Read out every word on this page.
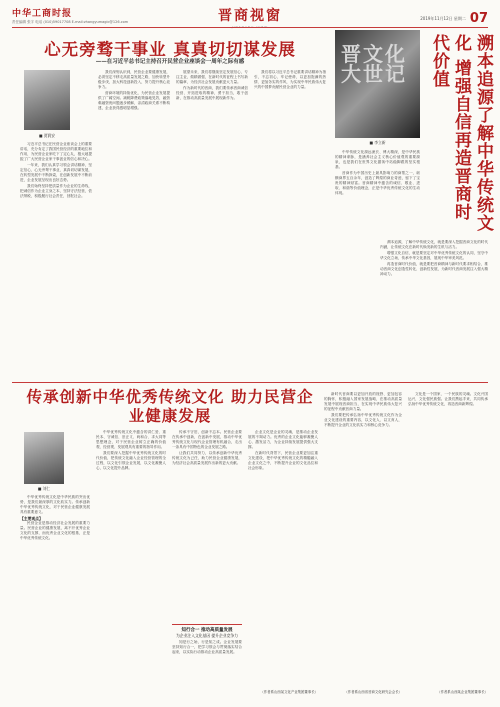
中华工商时报
责任编辑 张宇 电话 (010)59017708 E-mail:zhangyumagic@126.com	晋商视窗	2019年11月12日 星期二 07
心无旁骛干事业 真真切切谋发展
——在习近平总书记主持召开民营企业座谈会一周年之际有感
■ 贾润安

习近平总书记在民营企业座谈会上的重要讲话，充分肯定了我国民营经济的重要地位和作用，为民营企业家吃下了定心丸，极大地提振了广大民营企业家干事创业的信心和决心。

一年来，我们认真学习领会讲话精神，坚定信心，心无旁骛干事业，真真切切谋发展，在转型发展中不断探索，在创新发展中不断前进，企业发展呈现出良好态势。

我们始终坚持把质量作为企业的生命线，把诚信作为企业立身之本，坚持守法经营，依法纳税，积极履行社会责任，回报社会。

我们深刻认识到，民营企业要健康发展，必须坚定不移走高质量发展之路，加快转型升级步伐，加大科技创新投入，努力提升核心竞争力。

营商环境的持续优化，为民营企业发展提供了广阔空间。减税降费政策落地见效，融资难融资贵问题逐步缓解，亲清政商关系不断构建，企业获得感明显增强。

展望未来，我们将继续坚定发展信心，专注主业，做精做强，在新时代的征程上书写新的篇章，为经济社会发展贡献更大力量。

作为新时代的晋商，我们要传承晋商诚信经营、开拓进取的精神，勇于担当，敢于创新，在推动高质量发展中展现新作为。

我们将以习近平总书记重要讲话精神为指引，不忘初心、牢记使命，以更加饱满的热情、更加务实的作风，为实现中华民族伟大复兴的中国梦贡献民营企业的力量。

晋文化 大世记
■ 李立新	溯本追源了解中华传统文化 增强自信再造晋商时代价值

中华传统文化源远流长、博大精深，是中华民族的精神命脉，是涵养社会主义核心价值观的重要源泉，也是我们在世界文化激荡中站稳脚跟的坚实根基。

晋商作为中国历史上最具影响力的商帮之一，纵横商界五百余年，创造了辉煌的商业奇迹，留下了宝贵的精神财富。晋商精神中蕴含的诚信、敬业、进取、和谐等价值理念，正是中华优秀传统文化的生动体现。

溯本追源，了解中华传统文化，就是要深入挖掘晋商文化的时代内涵，让传统文化在新时代焕发新的生机与活力。

增强文化自信，就是要坚定对中华优秀传统文化的认同，坚守中华文化立场，传承中华文化基因，展现中华审美风范。

再造晋商时代价值，就是要把晋商精神与新时代要求相结合，推动晋商文化创造性转化、创新性发展，为新时代晋商发展注入强大精神动力。

传承创新中华优秀传统文化 助力民营企业健康发展
■ 刘仁

中华优秀传统文化是中华民族的突出优势，是我们最深厚的文化软实力。传承创新中华优秀传统文化，对于民营企业健康发展具有重要意义。

【主要观点】

民营企业是推动经济社会发展的重要力量。民营企业的健康发展，离不开优秀企业文化的支撑，而优秀企业文化的根基，正是中华优秀传统文化。

中华优秀传统文化中蕴含的讲仁爱、重民本、守诚信、崇正义、尚和合、求大同等思想理念，对于民营企业树立正确的价值观、经营观、发展观具有重要的指导作用。

我们要深入挖掘中华优秀传统文化的时代价值，把传统文化融入企业经营管理的全过程，以文化引领企业发展，以文化凝聚人心，以文化提升品牌。

传承不守旧，创新不忘本。民营企业要在传承中创新，在创新中发展，推动中华优秀传统文化与现代企业管理有机融合，走出一条具有中国特色的企业发展之路。

让我们共同努力，以传承创新中华优秀传统文化为己任，助力民营企业健康发展，为经济社会高质量发展作出新的更大贡献。

知行合一 推动高质量发展
为企业注入文化基因 提升企业竞争力

知是行之始，行是知之成。企业发展要坚持知行合一，把学习领会与贯彻落实结合起来，以实际行动推动企业高质量发展。

企业文化是企业的灵魂，是推动企业发展的不竭动力。优秀的企业文化能够凝聚人心、激发活力，为企业持续发展提供强大支撑。

在新时代背景下，民营企业要更加注重文化建设，把中华优秀传统文化的精髓融入企业文化之中，不断提升企业的文化品位和社会形象。

（作者系山西某文化产业集团董事长）

新时代晋商要以更加开放的视野、更加包容的胸怀，积极融入国家发展战略，在推动高质量发展中展现晋商担当，在实现中华民族伟大复兴的征程中贡献晋商力量。

我们要把传承弘扬中华优秀传统文化作为企业文化建设的重要内容，以文化人、以文育人，不断提升企业的文化软实力和核心竞争力。

（作者系山西省晋商文化研究会会长）

文化是一个国家、一个民族的灵魂。文化兴国运兴，文化强民族强。让我们携起手来，共同传承弘扬中华优秀传统文化，再造晋商新辉煌。

（作者系山西某企业集团董事长）
